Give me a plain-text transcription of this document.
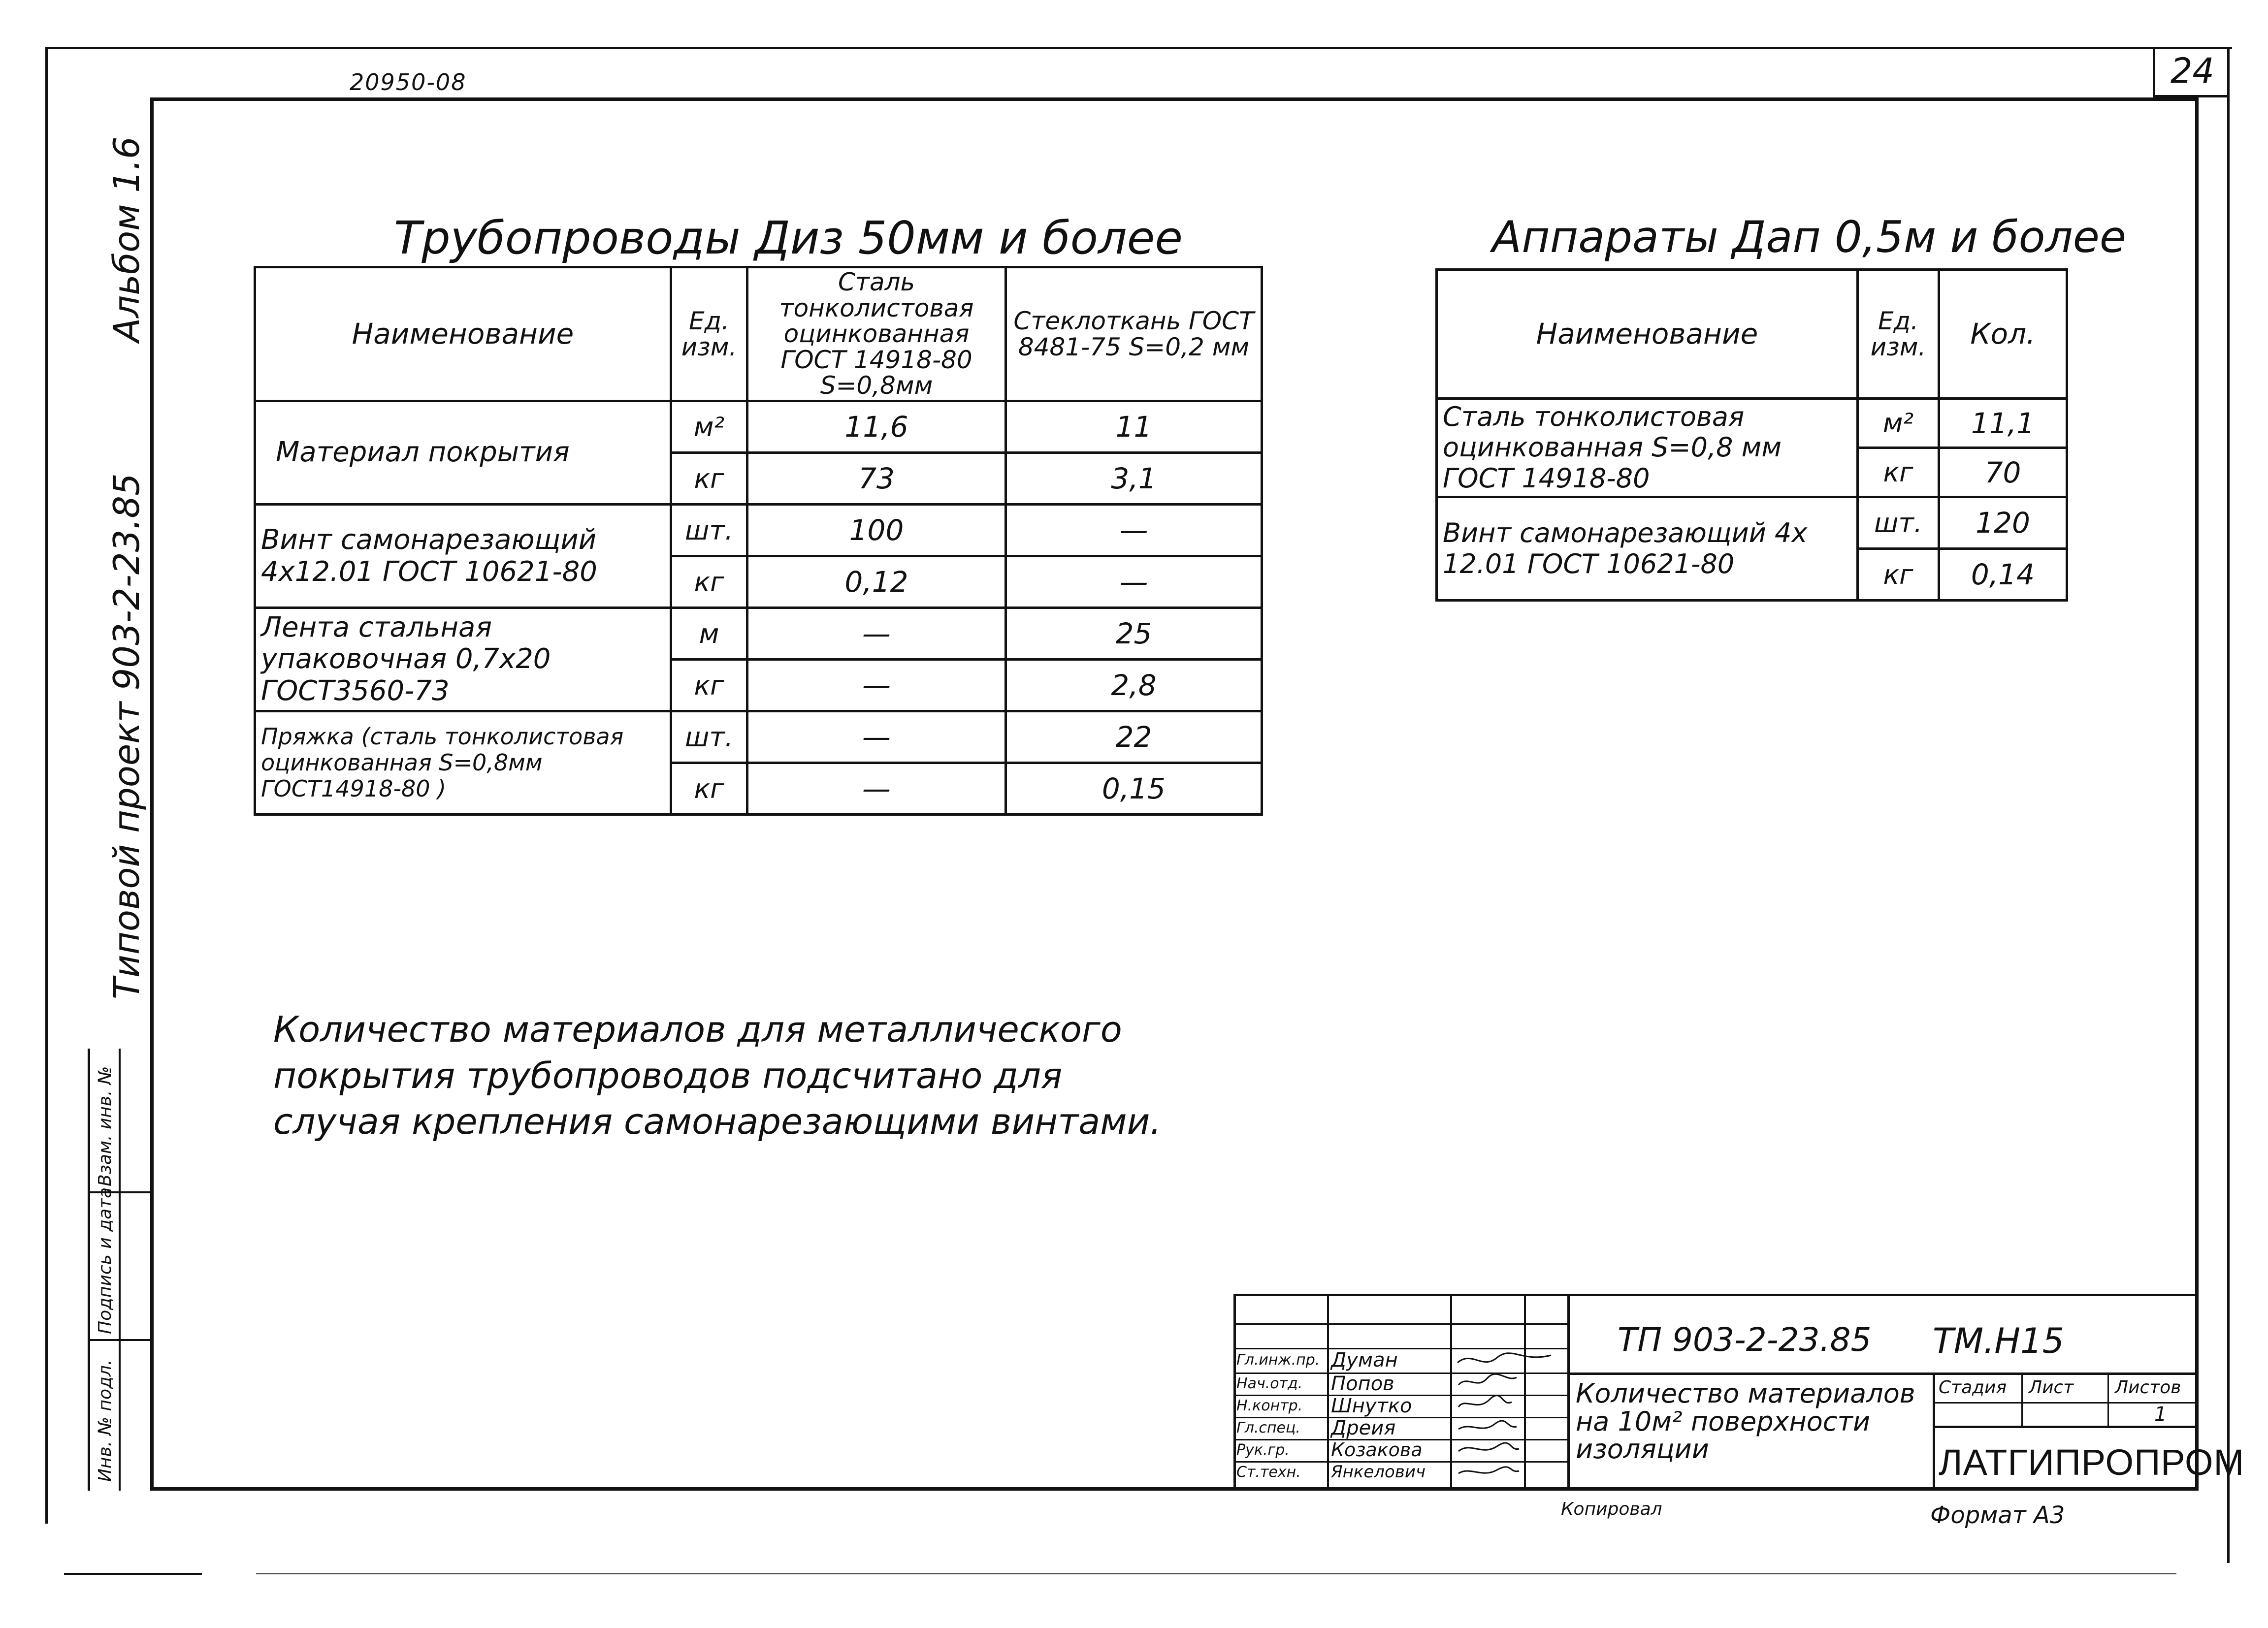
24
20950-08
Альбом 1.6
Типовой проект 903-2-23.85
Инв. № подл.
Подпись и дата
Взам. инв. №
Трубопроводы Диз 50мм и более
Наименование	Ед. изм.	Сталь тонколистовая оцинкованная ГОСТ 14918-80 S=0,8мм	Стеклоткань ГОСТ 8481-75 S=0,2 мм
Материал покрытия	м²	11,6	11
	кг	73	3,1
Винт самонарезающий 4х12.01 ГОСТ 10621-80	шт.	100	—
	кг	0,12	—
Лента стальная упаковочная 0,7х20 ГОСТ3560-73	м	—	25
	кг	—	2,8
Пряжка (сталь тонколистовая оцинкованная S=0,8мм ГОСТ14918-80 )	шт.	—	22
	кг	—	0,15
Аппараты Дап 0,5м и более
Наименование	Ед. изм.	Кол.
Сталь тонколистовая оцинкованная S=0,8 мм ГОСТ 14918-80	м²	11,1
	кг	70
Винт самонарезающий 4х 12.01 ГОСТ 10621-80	шт.	120
	кг	0,14
Количество материалов для металлического
покрытия трубопроводов подсчитано для
случая крепления самонарезающими винтами.
ТП 903-2-23.85 ТМ.Н15
Количество материалов
на 10м² поверхности
изоляции
Стадия Лист Листов
1
ЛАТГИПРОПРОМ
Гл.инж.пр. Думан
Нач.отд. Попов
Н.контр. Шнутко
Гл.спец. Дреия
Рук.гр. Козакова
Ст.техн. Янкелович
Копировал	Формат А3
